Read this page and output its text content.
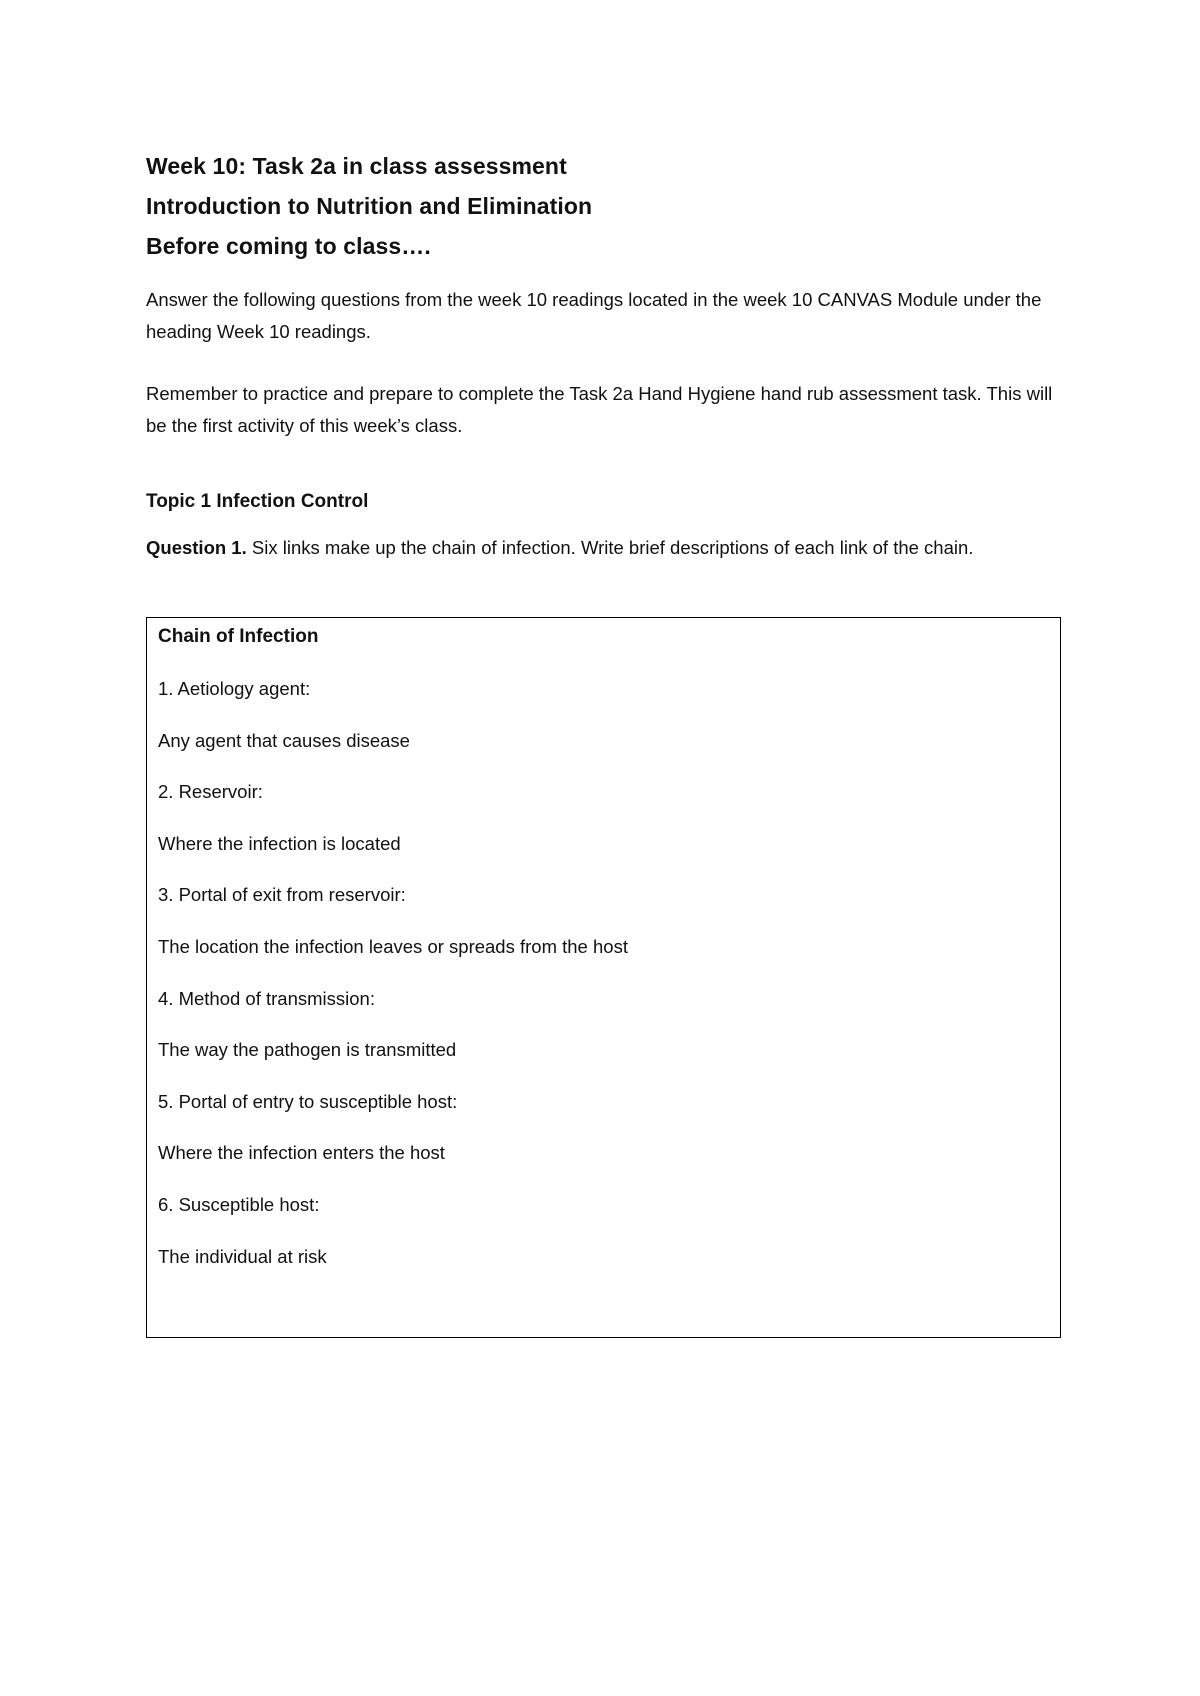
Week 10: Task 2a in class assessment
Introduction to Nutrition and Elimination
Before coming to class….
Answer the following questions from the week 10 readings located in the week 10 CANVAS Module under the heading Week 10 readings.
Remember to practice and prepare to complete the Task 2a Hand Hygiene hand rub assessment task. This will be the first activity of this week’s class.
Topic 1 Infection Control
Question 1. Six links make up the chain of infection. Write brief descriptions of each link of the chain.
Chain of Infection
1. Aetiology agent:
Any agent that causes disease
2. Reservoir:
Where the infection is located
3. Portal of exit from reservoir:
The location the infection leaves or spreads from the host
4. Method of transmission:
The way the pathogen is transmitted
5. Portal of entry to susceptible host:
Where the infection enters the host
6. Susceptible host:
The individual at risk
